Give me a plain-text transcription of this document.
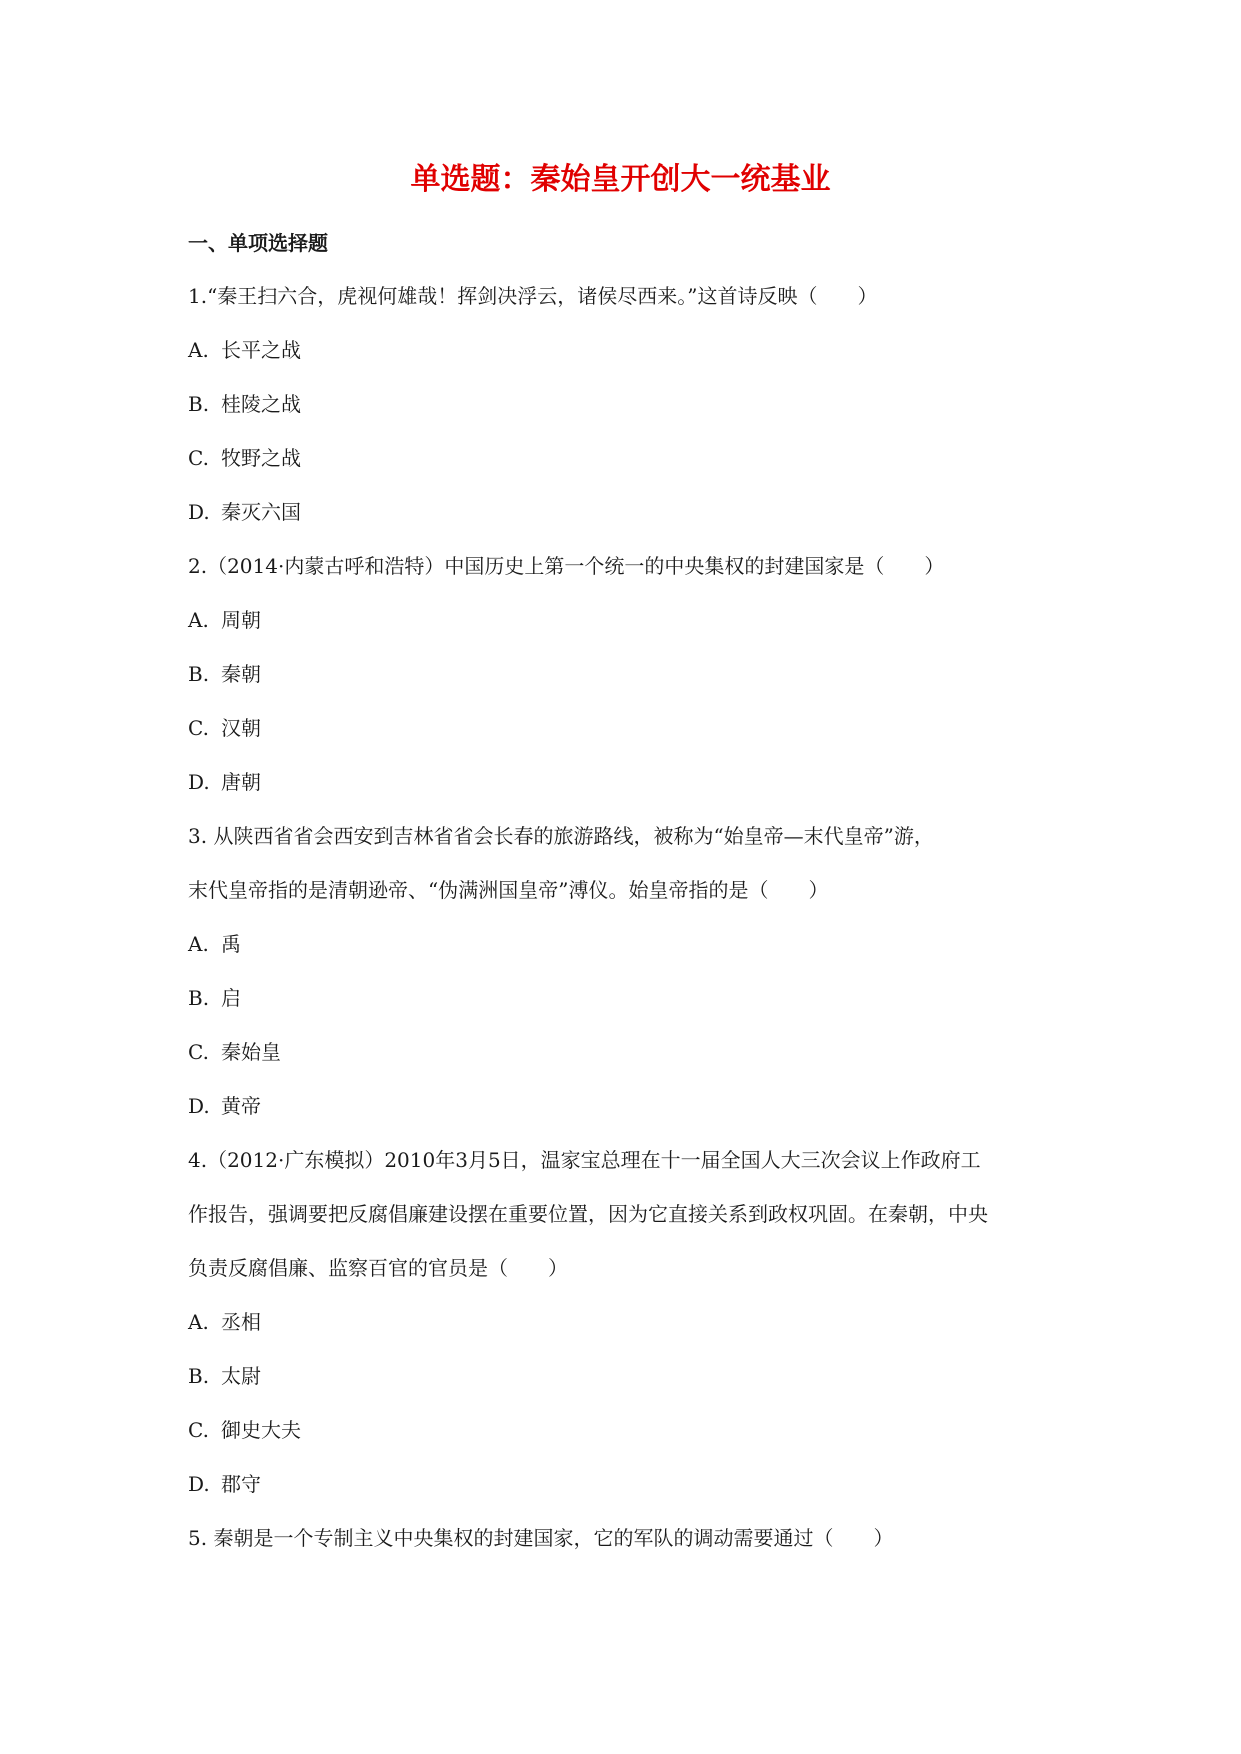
单选题：秦始皇开创大一统基业
一、单项选择题
1.“秦王扫六合，虎视何雄哉！挥剑决浮云，诸侯尽西来。”这首诗反映（　　）
A. 长平之战
B. 桂陵之战
C. 牧野之战
D. 秦灭六国
2.（2014·内蒙古呼和浩特）中国历史上第一个统一的中央集权的封建国家是（　　）
A. 周朝
B. 秦朝
C. 汉朝
D. 唐朝
3. 从陕西省省会西安到吉林省省会长春的旅游路线，被称为“始皇帝—末代皇帝”游，
末代皇帝指的是清朝逊帝、“伪满洲国皇帝”溥仪。始皇帝指的是（　　）
A. 禹
B. 启
C. 秦始皇
D. 黄帝
4.（2012·广东模拟）2010年3月5日，温家宝总理在十一届全国人大三次会议上作政府工
作报告，强调要把反腐倡廉建设摆在重要位置，因为它直接关系到政权巩固。在秦朝，中央
负责反腐倡廉、监察百官的官员是（　　）
A. 丞相
B. 太尉
C. 御史大夫
D. 郡守
5. 秦朝是一个专制主义中央集权的封建国家，它的军队的调动需要通过（　　）
